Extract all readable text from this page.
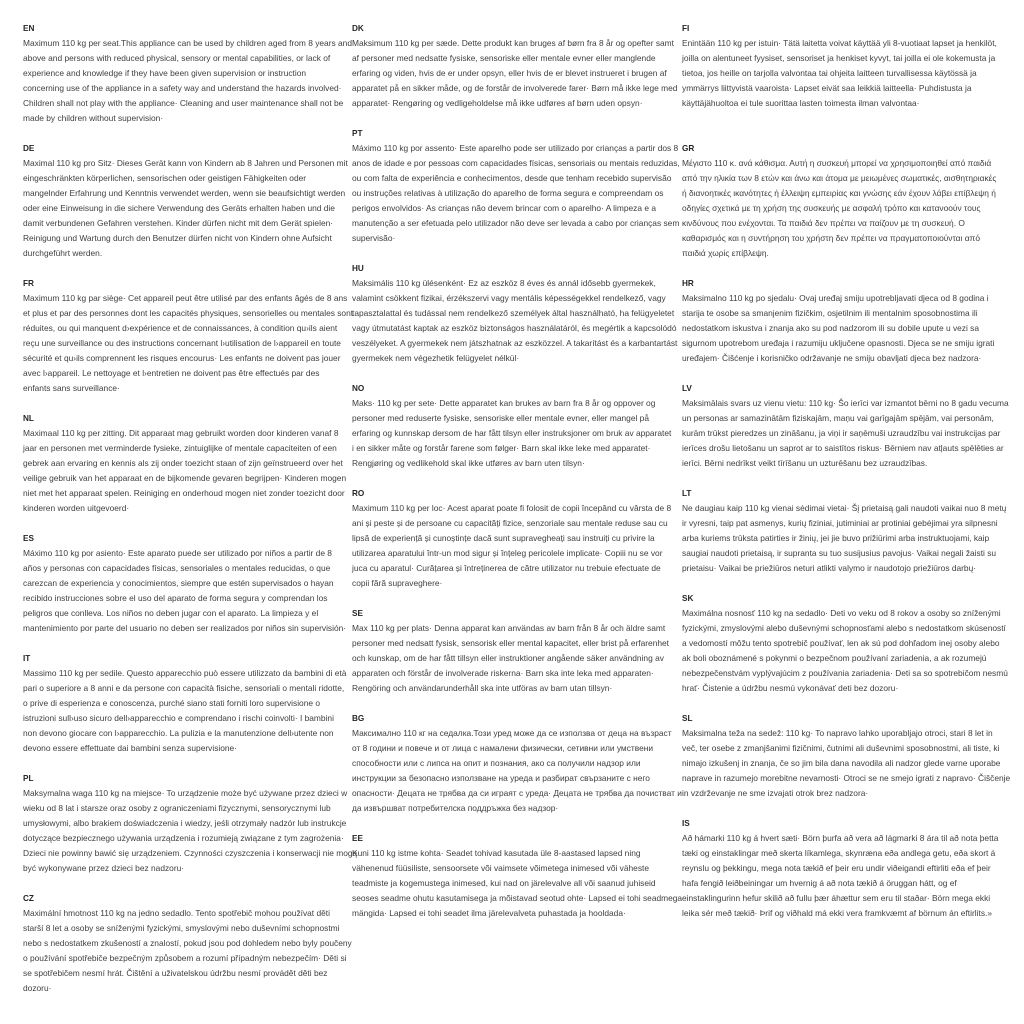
EN
Maximum 110 kg per seat.This appliance can be used by children aged from 8 years and
above and persons with reduced physical, sensory or mental capabilities, or lack of
experience and knowledge if they have been given supervision or instruction
concerning use of the appliance in a safety way and understand the hazards involved·
Children shall not play with the appliance· Cleaning and user maintenance shall not be
made by children without supervision·
DE
Maximal 110 kg pro Sitz· Dieses Gerät kann von Kindern ab 8 Jahren und Personen mit
eingeschränkten körperlichen, sensorischen oder geistigen Fähigkeiten oder
mangelnder Erfahrung und Kenntnis verwendet werden, wenn sie beaufsichtigt werden
oder eine Einweisung in die sichere Verwendung des Geräts erhalten haben und die
damit verbundenen Gefahren verstehen. Kinder dürfen nicht mit dem Gerät spielen·
Reinigung und Wartung durch den Benutzer dürfen nicht von Kindern ohne Aufsicht
durchgeführt werden.
FR
Maximum 110 kg par siège· Cet appareil peut être utilisé par des enfants âgés de 8 ans
et plus et par des personnes dont les capacités physiques, sensorielles ou mentales sont
réduites, ou qui manquent d›expérience et de connaissances, à condition qu›ils aient
reçu une surveillance ou des instructions concernant l›utilisation de l›appareil en toute
sécurité et qu›ils comprennent les risques encourus· Les enfants ne doivent pas jouer
avec l›appareil. Le nettoyage et l›entretien ne doivent pas être effectués par des
enfants sans surveillance·
NL
Maximaal 110 kg per zitting. Dit apparaat mag gebruikt worden door kinderen vanaf 8
jaar en personen met verminderde fysieke, zintuiglijke of mentale capaciteiten of een
gebrek aan ervaring en kennis als zij onder toezicht staan of zijn geïnstrueerd over het
veilige gebruik van het apparaat en de bijkomende gevaren begrijpen· Kinderen mogen
niet met het apparaat spelen. Reiniging en onderhoud mogen niet zonder toezicht door
kinderen worden uitgevoerd·
ES
Máximo 110 kg por asiento· Este aparato puede ser utilizado por niños a partir de 8
años y personas con capacidades físicas, sensoriales o mentales reducidas, o que
carezcan de experiencia y conocimientos, siempre que estén supervisados o hayan
recibido instrucciones sobre el uso del aparato de forma segura y comprendan los
peligros que conlleva. Los niños no deben jugar con el aparato. La limpieza y el
mantenimiento por parte del usuario no deben ser realizados por niños sin supervisión·
IT
Massimo 110 kg per sedile. Questo apparecchio può essere utilizzato da bambini di età
pari o superiore a 8 anni e da persone con capacità fisiche, sensoriali o mentali ridotte,
o prive di esperienza e conoscenza, purché siano stati forniti loro supervisione o
istruzioni sull›uso sicuro dell›apparecchio e comprendano i rischi coinvolti· I bambini
non devono giocare con l›apparecchio. La pulizia e la manutenzione dell›utente non
devono essere effettuate dai bambini senza supervisione·
PL
Maksymalna waga 110 kg na miejsce· To urządzenie może być używane przez dzieci w
wieku od 8 lat i starsze oraz osoby z ograniczeniami fizycznymi, sensorycznymi lub
umysłowymi, albo brakiem doświadczenia i wiedzy, jeśli otrzymały nadzór lub instrukcje
dotyczące bezpiecznego używania urządzenia i rozumieją związane z tym zagrożenia·
Dzieci nie powinny bawić się urządzeniem. Czynności czyszczenia i konserwacji nie mogą
być wykonywane przez dzieci bez nadzoru·
CZ
Maximální hmotnost 110 kg na jedno sedadlo. Tento spotřebič mohou používat děti
starší 8 let a osoby se sníženými fyzickými, smyslovými nebo duševními schopnostmi
nebo s nedostatkem zkušeností a znalostí, pokud jsou pod dohledem nebo byly poučeny
o používání spotřebiče bezpečným způsobem a rozumí případným nebezpečím· Děti si
se spotřebičem nesmí hrát. Čištění a uživatelskou údržbu nesmí provádět děti bez
dozoru·
DK
Maksimum 110 kg per sæde. Dette produkt kan bruges af børn fra 8 år og opefter samt
af personer med nedsatte fysiske, sensoriske eller mentale evner eller manglende
erfaring og viden, hvis de er under opsyn, eller hvis de er blevet instrueret i brugen af
apparatet på en sikker måde, og de forstår de involverede farer· Børn må ikke lege med
apparatet· Rengøring og vedligeholdelse må ikke udføres af børn uden opsyn·
PT
Máximo 110 kg por assento· Este aparelho pode ser utilizado por crianças a partir dos 8
anos de idade e por pessoas com capacidades físicas, sensoriais ou mentais reduzidas,
ou com falta de experiência e conhecimentos, desde que tenham recebido supervisão
ou instruções relativas à utilização do aparelho de forma segura e compreendam os
perigos envolvidos· As crianças não devem brincar com o aparelho· A limpeza e a
manutenção a ser efetuada pelo utilizador não deve ser levada a cabo por crianças sem
supervisão·
HU
Maksimális 110 kg ülésenként· Ez az eszköz 8 éves és annál idősebb gyermekek,
valamint csökkent fizikai, érzékszervi vagy mentális képességekkel rendelkező, vagy
tapasztalattal és tudással nem rendelkező személyek által használható, ha felügyeletet
vagy útmutatást kaptak az eszköz biztonságos használatáról, és megértik a kapcsolódó
veszélyeket. A gyermekek nem játszhatnak az eszközzel. A takarítást és a karbantartást
gyermekek nem végezhetik felügyelet nélkül·
NO
Maks· 110 kg per sete· Dette apparatet kan brukes av barn fra 8 år og oppover og
personer med reduserte fysiske, sensoriske eller mentale evner, eller mangel på
erfaring og kunnskap dersom de har fått tilsyn eller instruksjoner om bruk av apparatet
i en sikker måte og forstår farene som følger· Barn skal ikke leke med apparatet·
Rengjøring og vedlikehold skal ikke utføres av barn uten tilsyn·
RO
Maximum 110 kg per loc· Acest aparat poate fi folosit de copii începând cu vârsta de 8
ani și peste și de persoane cu capacități fizice, senzoriale sau mentale reduse sau cu
lipsă de experiență și cunoștințe dacă sunt supravegheați sau instruiți cu privire la
utilizarea aparatului într-un mod sigur și înțeleg pericolele implicate· Copiii nu se vor
juca cu aparatul· Curățarea și întreținerea de către utilizator nu trebuie efectuate de
copii fără supraveghere·
SE
Max 110 kg per plats· Denna apparat kan användas av barn från 8 år och äldre samt
personer med nedsatt fysisk, sensorisk eller mental kapacitet, eller brist på erfarenhet
och kunskap, om de har fått tillsyn eller instruktioner angående säker användning av
apparaten och förstår de involverade riskerna· Barn ska inte leka med apparaten·
Rengöring och användarunderhåll ska inte utföras av barn utan tillsyn·
BG
Максимално 110 кг на седалка.Този уред може да се използва от деца на възраст
от 8 години и повече и от лица с намалени физически, сетивни или умствени
способности или с липса на опит и познания, ако са получили надзор или
инструкции за безопасно използване на уреда и разбират свързаните с него
опасности· Децата не трябва да си играят с уреда· Децата не трябва да почистват и
да извършват потребителска поддръжка без надзор·
EE
Kuni 110 kg istme kohta· Seadet tohivad kasutada üle 8-aastased lapsed ning
vähenenud füüsiliste, sensoorsete või vaimsete võimetega inimesed või väheste
teadmiste ja kogemustega inimesed, kui nad on järelevalve all või saanud juhiseid
seoses seadme ohutu kasutamisega ja mõistavad seotud ohte· Lapsed ei tohi seadmega
mängida· Lapsed ei tohi seadet ilma järelevalveta puhastada ja hooldada·
FI
Enintään 110 kg per istuin· Tätä laitetta voivat käyttää yli 8-vuotiaat lapset ja henkilöt,
joilla on alentuneet fyysiset, sensoriset ja henkiset kyvyt, tai joilla ei ole kokemusta ja
tietoa, jos heille on tarjolla valvontaa tai ohjeita laitteen turvallisessa käytössä ja
ymmärrys liittyvistä vaaroista· Lapset eivät saa leikkiä laitteella· Puhdistusta ja
käyttäjähuoltoa ei tule suorittaa lasten toimesta ilman valvontaa·
GR
Μέγιστο 110 κ. ανά κάθισμα. Αυτή η συσκευή μπορεί να χρησιμοποιηθεί από παιδιά
από την ηλικία των 8 ετών και άνω και άτομα με μειωμένες σωματικές, αισθητηριακές
ή διανοητικές ικανότητες ή έλλειψη εμπειρίας και γνώσης εάν έχουν λάβει επίβλεψη ή
οδηγίες σχετικά με τη χρήση της συσκευής με ασφαλή τρόπο και κατανοούν τους
κινδύνους που ενέχονται. Τα παιδιά δεν πρέπει να παίζουν με τη συσκευή. Ο
καθαρισμός και η συντήρηση του χρήστη δεν πρέπει να πραγματοποιούνται από
παιδιά χωρίς επίβλεψη.
HR
Maksimalno 110 kg po sjedalu· Ovaj uređaj smiju upotrebljavati djeca od 8 godina i
starija te osobe sa smanjenim fizičkim, osjetilnim ili mentalnim sposobnostima ili
nedostatkom iskustva i znanja ako su pod nadzorom ili su dobile upute u vezi sa
sigurnom upotrebom uređaja i razumiju uključene opasnosti. Djeca se ne smiju igrati
uređajem· Čišćenje i korisničko održavanje ne smiju obavljati djeca bez nadzora·
LV
Maksimālais svars uz vienu vietu: 110 kg· Šo ierīci var izmantot bērni no 8 gadu vecuma
un personas ar samazinātām fiziskajām, maņu vai garīgajām spējām, vai personām,
kurām trūkst pieredzes un zināšanu, ja viņi ir saņēmuši uzraudzību vai instrukcijas par
ierīces drošu lietošanu un saprot ar to saistītos riskus· Bērniem nav atļauts spēlēties ar
ierīci. Bērni nedrīkst veikt tīrīšanu un uzturēšanu bez uzraudzības.
LT
Ne daugiau kaip 110 kg vienai sėdimai vietai· Šį prietaisą gali naudoti vaikai nuo 8 metų
ir vyresni, taip pat asmenys, kurių fiziniai, jutiminiai ar protiniai gebėjimai yra silpnesni
arba kuriems trūksta patirties ir žinių, jei jie buvo prižiūrimi arba instruktuojami, kaip
saugiai naudoti prietaisą, ir supranta su tuo susijusius pavojus· Vaikai negali žaisti su
prietaisu· Vaikai be priežiūros neturi atlikti valymo ir naudotojo priežiūros darbų·
SK
Maximálna nosnosť 110 kg na sedadlo· Deti vo veku od 8 rokov a osoby so zníženými
fyzickými, zmyslovými alebo duševnými schopnosťami alebo s nedostatkom skúseností
a vedomostí môžu tento spotrebič používať, len ak sú pod dohľadom inej osoby alebo
ak boli oboznámené s pokynmi o bezpečnom používaní zariadenia, a ak rozumejú
nebezpečenstvám vyplývajúcim z používania zariadenia· Deti sa so spotrebičom nesmú
hrať· Čistenie a údržbu nesmú vykonávať deti bez dozoru·
SL
Maksimalna teža na sedež: 110 kg· To napravo lahko uporabljajo otroci, stari 8 let in
več, ter osebe z zmanjšanimi fizičnimi, čutnimi ali duševnimi sposobnostmi, ali tiste, ki
nimajo izkušenj in znanja, če so jim bila dana navodila ali nadzor glede varne uporabe
naprave in razumejo morebitne nevarnosti· Otroci se ne smejo igrati z napravo· Čiščenje
in vzdrževanje ne sme izvajati otrok brez nadzora·
IS
Að hámarki 110 kg á hvert sæti· Börn þurfa að vera að lágmarki 8 ára til að nota þetta
tæki og einstaklingar með skerta líkamlega, skynræna eða andlega getu, eða skort á
reynslu og þekkingu, mega nota tækið ef þeir eru undir viðeigandi eftirliti eða ef þeir
hafa fengið leiðbeiningar um hvernig á að nota tækið á öruggan hátt, og ef
einstaklingurinn hefur skilið að fullu þær áhættur sem eru til staðar· Börn mega ekki
leika sér með tækið· Þrif og viðhald má ekki vera framkvæmt af börnum án eftirlits.»
